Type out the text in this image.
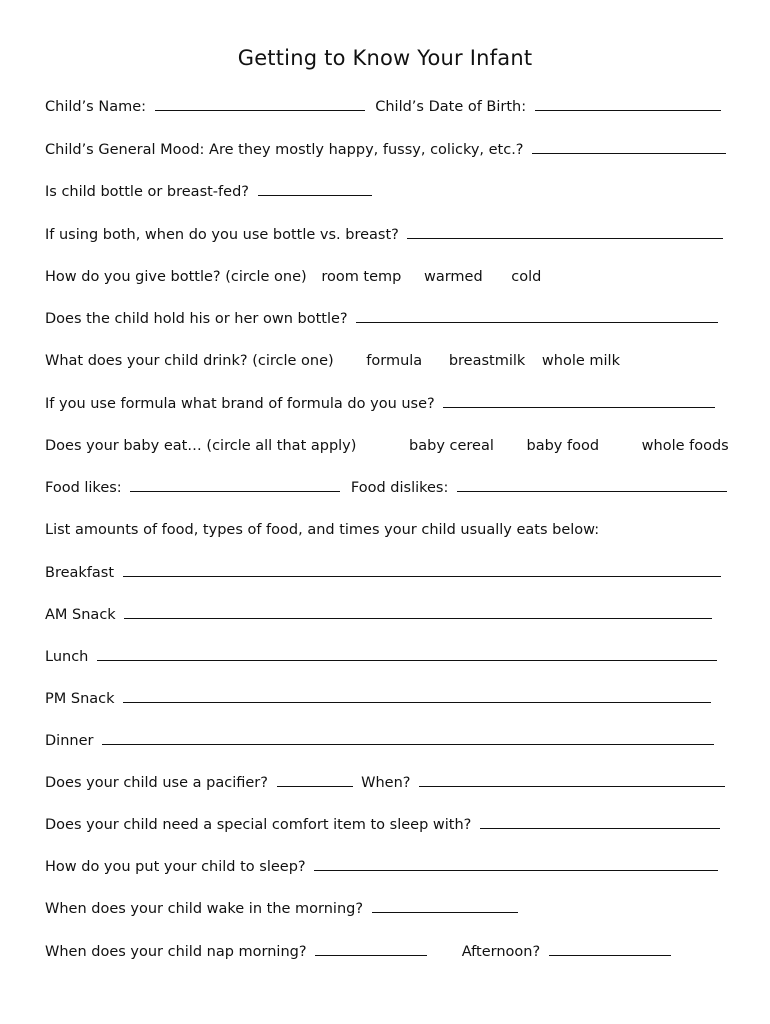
Getting to Know Your Infant
Child’s Name:	Child’s Date of Birth:
Child’s General Mood: Are they mostly happy, fussy, colicky, etc.?
Is child bottle or breast-fed?
If using both, when do you use bottle vs. breast?
How do you give bottle? (circle one) room temp warmed cold
Does the child hold his or her own bottle?
What does your child drink? (circle one) formula breastmilk whole milk
If you use formula what brand of formula do you use?
Does your baby eat… (circle all that apply)	baby cereal baby food	whole foods
Food likes:	Food dislikes:
List amounts of food, types of food, and times your child usually eats below:
Breakfast
AM Snack
Lunch
PM Snack
Dinner
Does your child use a pacifier?	When?
Does your child need a special comfort item to sleep with?
How do you put your child to sleep?
When does your child wake in the morning?
When does your child nap morning?	Afternoon?
